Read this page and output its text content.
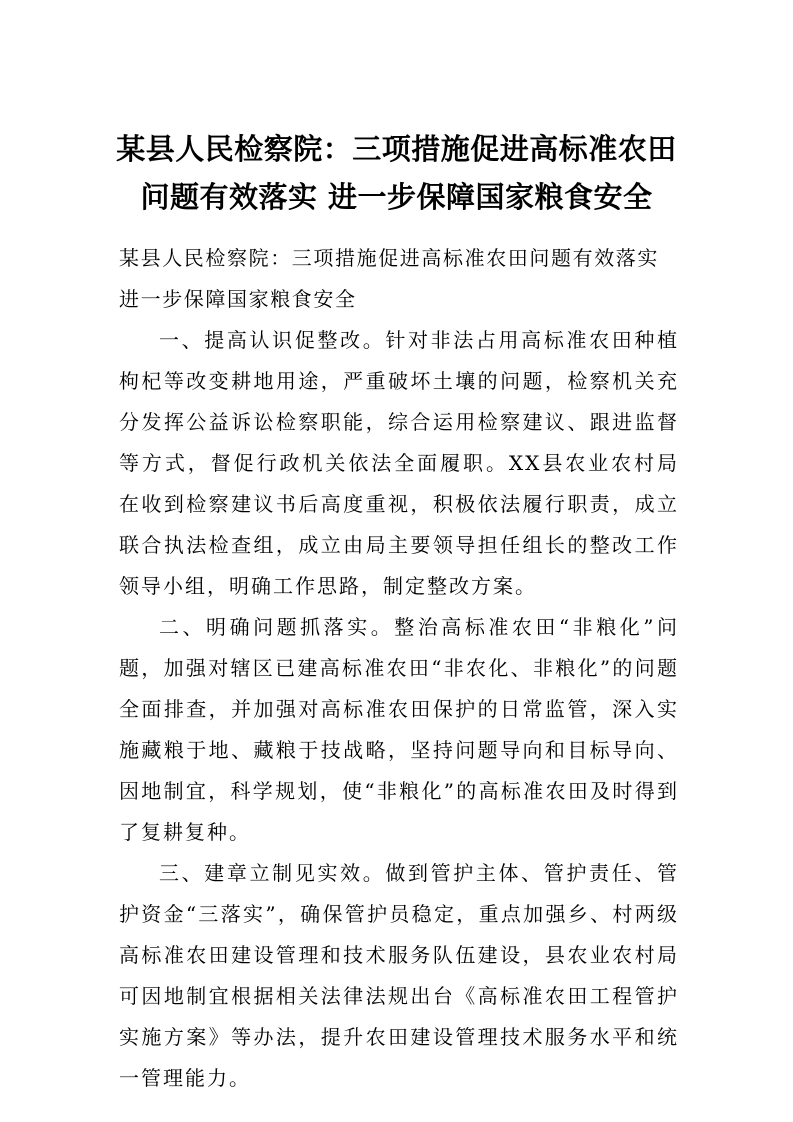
某县人民检察院：三项措施促进高标准农田
问题有效落实 进一步保障国家粮食安全

某县人民检察院：三项措施促进高标准农田问题有效落实
进一步保障国家粮食安全

一、提高认识促整改。针对非法占用高标准农田种植枸杞等改变耕地用途，严重破坏土壤的问题，检察机关充分发挥公益诉讼检察职能，综合运用检察建议、跟进监督等方式，督促行政机关依法全面履职。XX县农业农村局在收到检察建议书后高度重视，积极依法履行职责，成立联合执法检查组，成立由局主要领导担任组长的整改工作领导小组，明确工作思路，制定整改方案。

二、明确问题抓落实。整治高标准农田“非粮化”问题，加强对辖区已建高标准农田“非农化、非粮化”的问题全面排查，并加强对高标准农田保护的日常监管，深入实施藏粮于地、藏粮于技战略，坚持问题导向和目标导向、因地制宜，科学规划，使“非粮化”的高标准农田及时得到了复耕复种。

三、建章立制见实效。做到管护主体、管护责任、管护资金“三落实”，确保管护员稳定，重点加强乡、村两级高标准农田建设管理和技术服务队伍建设，县农业农村局可因地制宜根据相关法律法规出台《高标准农田工程管护实施方案》等办法，提升农田建设管理技术服务水平和统一管理能力。
